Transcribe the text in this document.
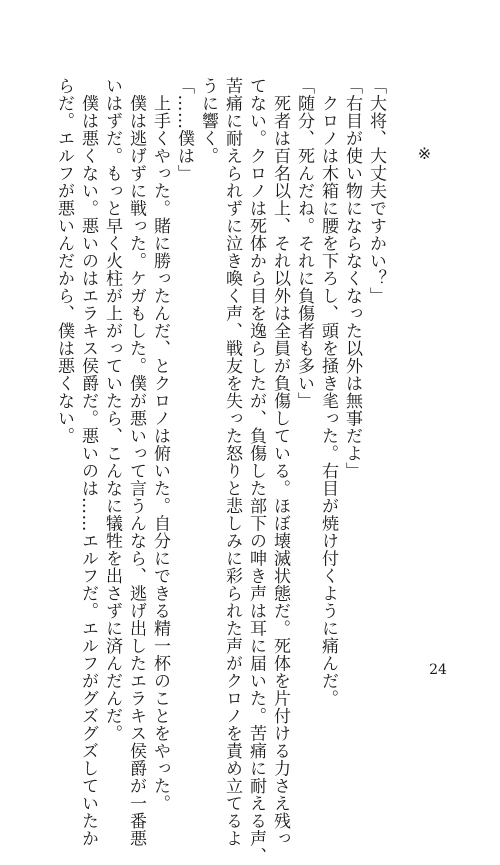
※
「大将、大丈夫ですかい？」
「右目が使い物にならなくなった以外は無事だよ」
　クロノは木箱に腰を下ろし、頭を掻き毟った。右目が焼け付くように痛んだ。
「随分、死んだね。それに負傷者も多い」
　死者は百名以上、それ以外は全員が負傷している。ほぼ壊滅状態だ。死体を片付ける力さえ残っ
てない。クロノは死体から目を逸らしたが、負傷した部下の呻き声は耳に届いた。苦痛に耐える声、
苦痛に耐えられずに泣き喚く声、戦友を失った怒りと悲しみに彩られた声がクロノを責め立てるよ
うに響く。
「……僕は」
　上手くやった。賭に勝ったんだ、とクロノは俯いた。自分にできる精一杯のことをやった。
　僕は逃げずに戦った。ケガもした。僕が悪いって言うんなら、逃げ出したエラキス侯爵が一番悪
いはずだ。もっと早く火柱が上がっていたら、こんなに犠牲を出さずに済んだんだ。
　僕は悪くない。悪いのはエラキス侯爵だ。悪いのは……エルフだ。エルフがグズグズしていたか
らだ。エルフが悪いんだから、僕は悪くない。
24
